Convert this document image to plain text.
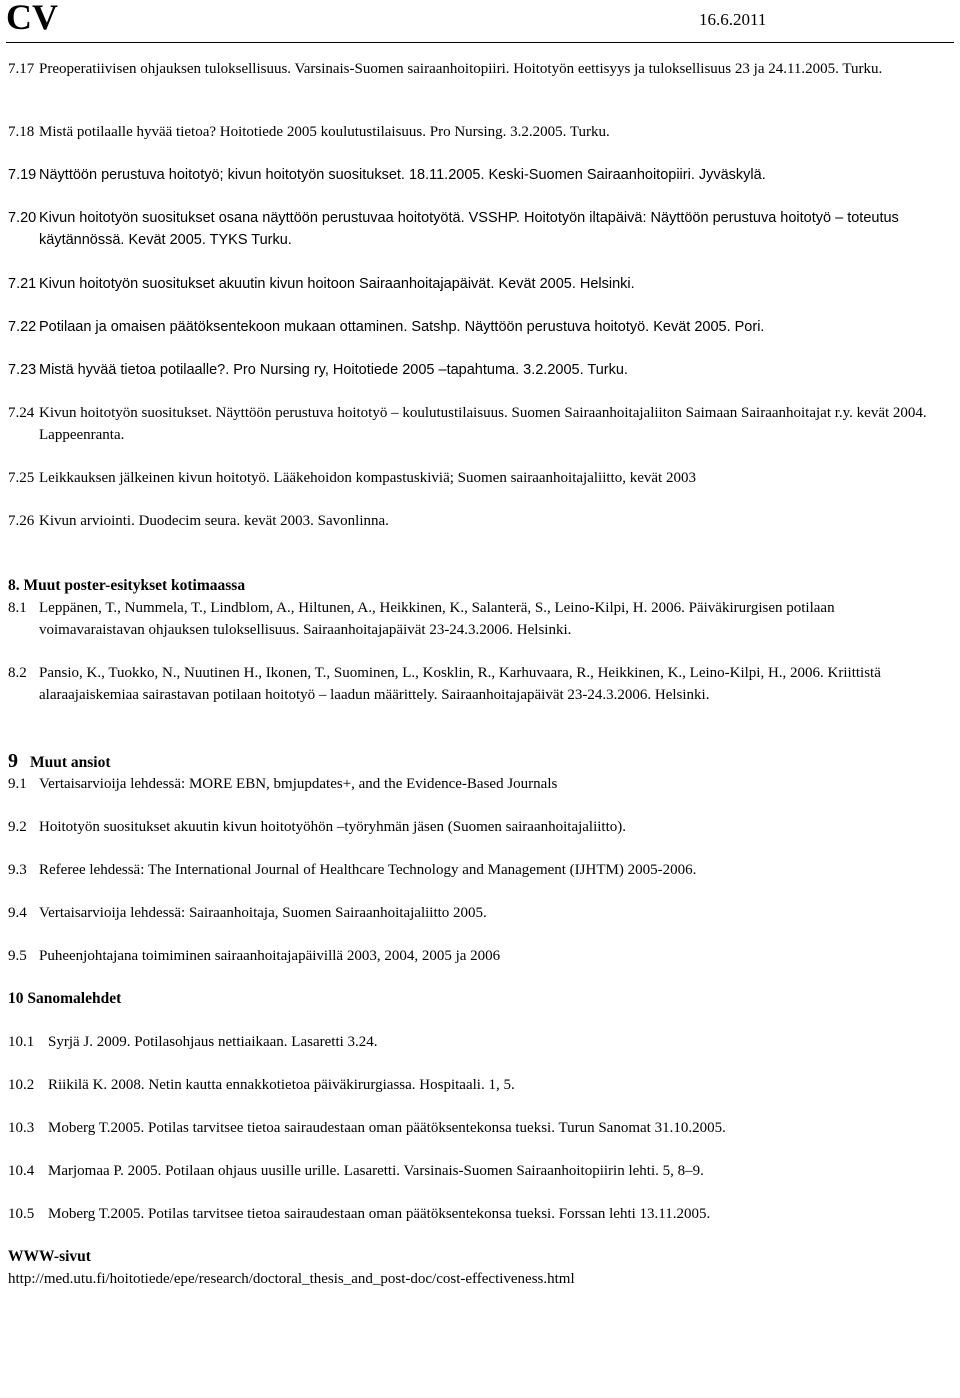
CV	16.6.2011
7.17 Preoperatiivisen ohjauksen tuloksellisuus. Varsinais-Suomen sairaanhoitopiiri. Hoitotyön eettisyys ja tuloksellisuus 23 ja 24.11.2005. Turku.
7.18 Mistä potilaalle hyvää tietoa? Hoitotiede 2005 koulutustilaisuus. Pro Nursing. 3.2.2005. Turku.
7.19 Näyttöön perustuva hoitotyö; kivun hoitotyön suositukset. 18.11.2005. Keski-Suomen Sairaanhoitopiiri. Jyväskylä.
7.20 Kivun hoitotyön suositukset osana näyttöön perustuvaa hoitotyötä. VSSHP. Hoitotyön iltapäivä: Näyttöön perustuva hoitotyö – toteutus käytännössä. Kevät 2005. TYKS Turku.
7.21 Kivun hoitotyön suositukset akuutin kivun hoitoon Sairaanhoitajapäivät. Kevät 2005. Helsinki.
7.22 Potilaan ja omaisen päätöksentekoon mukaan ottaminen. Satshp. Näyttöön perustuva hoitotyö. Kevät 2005. Pori.
7.23 Mistä hyvää tietoa potilaalle?. Pro Nursing ry, Hoitotiede 2005 –tapahtuma. 3.2.2005. Turku.
7.24 Kivun hoitotyön suositukset. Näyttöön perustuva hoitotyö – koulutustilaisuus. Suomen Sairaanhoitajaliiton Saimaan Sairaanhoitajat r.y. kevät 2004. Lappeenranta.
7.25 Leikkauksen jälkeinen kivun hoitotyö. Lääkehoidon kompastuskiviä; Suomen sairaanhoitajaliitto, kevät 2003
7.26 Kivun arviointi. Duodecim seura. kevät 2003. Savonlinna.
8. Muut poster-esitykset kotimaassa
8.1 Leppänen, T., Nummela, T., Lindblom, A., Hiltunen, A., Heikkinen, K., Salanterä, S., Leino-Kilpi, H. 2006. Päiväkirurgisen potilaan voimavaraistavan ohjauksen tuloksellisuus. Sairaanhoitajapäivät 23-24.3.2006. Helsinki.
8.2 Pansio, K., Tuokko, N., Nuutinen H., Ikonen, T., Suominen, L., Kosklin, R., Karhuvaara, R., Heikkinen, K., Leino-Kilpi, H., 2006. Kriittistä alaraajaiskemiaa sairastavan potilaan hoitotyö – laadun määrittely. Sairaanhoitajapäivät 23-24.3.2006. Helsinki.
9 Muut ansiot
9.1 Vertaisarvioija lehdessä: MORE EBN, bmjupdates+, and the Evidence-Based Journals
9.2 Hoitotyön suositukset akuutin kivun hoitotyöhön –työryhmän jäsen (Suomen sairaanhoitajaliitto).
9.3 Referee lehdessä: The International Journal of Healthcare Technology and Management (IJHTM) 2005-2006.
9.4 Vertaisarvioija lehdessä: Sairaanhoitaja, Suomen Sairaanhoitajaliitto 2005.
9.5 Puheenjohtajana toimiminen sairaanhoitajapäivillä 2003, 2004, 2005 ja 2006
10 Sanomalehdet
10.1 Syrjä J. 2009. Potilasohjaus nettiaikaan. Lasaretti 3.24.
10.2 Riikilä K. 2008. Netin kautta ennakkotietoa päiväkirurgiassa. Hospitaali. 1, 5.
10.3 Moberg T.2005. Potilas tarvitsee tietoa sairaudestaan oman päätöksentekonsa tueksi. Turun Sanomat 31.10.2005.
10.4 Marjomaa P. 2005. Potilaan ohjaus uusille urille. Lasaretti. Varsinais-Suomen Sairaanhoitopiirin lehti. 5, 8–9.
10.5 Moberg T.2005. Potilas tarvitsee tietoa sairaudestaan oman päätöksentekonsa tueksi. Forssan lehti 13.11.2005.
WWW-sivut
http://med.utu.fi/hoitotiede/epe/research/doctoral_thesis_and_post-doc/cost-effectiveness.html
